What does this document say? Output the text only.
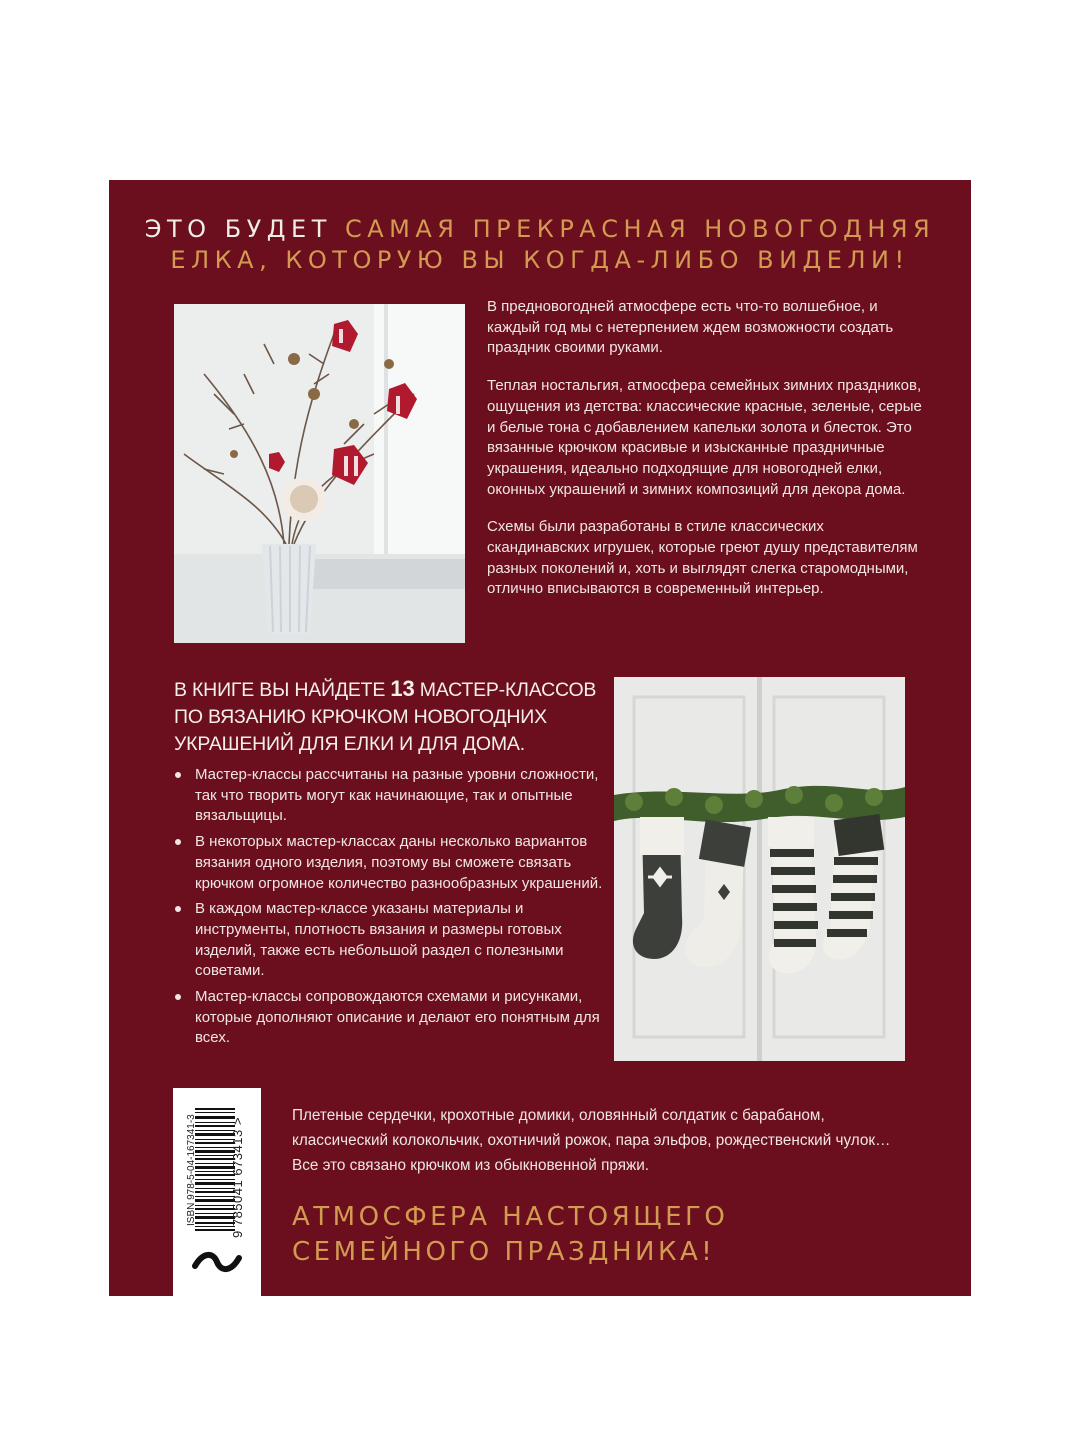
ЭТО БУДЕТ САМАЯ ПРЕКРАСНАЯ НОВОГОДНЯЯ
ЕЛКА, КОТОРУЮ ВЫ КОГДА-ЛИБО ВИДЕЛИ!

В предновогодней атмосфере есть что-то волшебное, и каждый год мы с нетерпением ждем возможности создать праздник своими руками.

Теплая ностальгия, атмосфера семейных зимних праздников, ощущения из детства: классические красные, зеленые, серые и белые тона с добавлением капельки золота и блесток. Это вязанные крючком красивые и изысканные праздничные украшения, идеально подходящие для новогодней елки, оконных украшений и зимних композиций для декора дома.

Схемы были разработаны в стиле классических скандинавских игрушек, которые греют душу представителям разных поколений и, хоть и выглядят слегка старомодными, отлично вписываются в современный интерьер.

В КНИГЕ ВЫ НАЙДЕТЕ 13 МАСТЕР-КЛАССОВ ПО ВЯЗАНИЮ КРЮЧКОМ НОВОГОДНИХ УКРАШЕНИЙ ДЛЯ ЕЛКИ И ДЛЯ ДОМА.
Мастер-классы рассчитаны на разные уровни сложности, так что творить могут как начинающие, так и опытные вязальщицы.
В некоторых мастер-классах даны несколько вариантов вязания одного изделия, поэтому вы сможете связать крючком огромное количество разнообразных украшений.
В каждом мастер-классе указаны материалы и инструменты, плотность вязания и размеры готовых изделий, также есть небольшой раздел с полезными советами.
Мастер-классы сопровождаются схемами и рисунками, которые дополняют описание и делают его понятным для всех.
ISBN 978-5-04-167341-3	9 785041 673413 >
Плетеные сердечки, крохотные домики, оловянный солдатик с барабаном, классический колокольчик, охотничий рожок, пара эльфов, рождественский чулок… Все это связано крючком из обыкновенной пряжи.
АТМОСФЕРА НАСТОЯЩЕГО
СЕМЕЙНОГО ПРАЗДНИКА!
